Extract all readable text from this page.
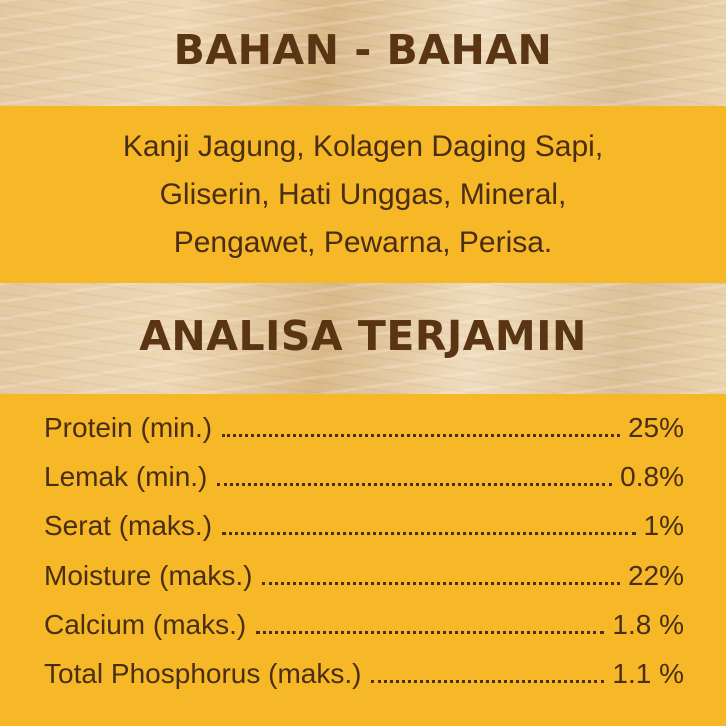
BAHAN - BAHAN
Kanji Jagung, Kolagen Daging Sapi,
Gliserin, Hati Unggas, Mineral,
Pengawet, Pewarna, Perisa.
ANALISA TERJAMIN
Protein (min.)	25%
Lemak (min.)	0.8%
Serat (maks.)	1%
Moisture (maks.)	22%
Calcium (maks.)	1.8 %
Total Phosphorus (maks.)	1.1 %
